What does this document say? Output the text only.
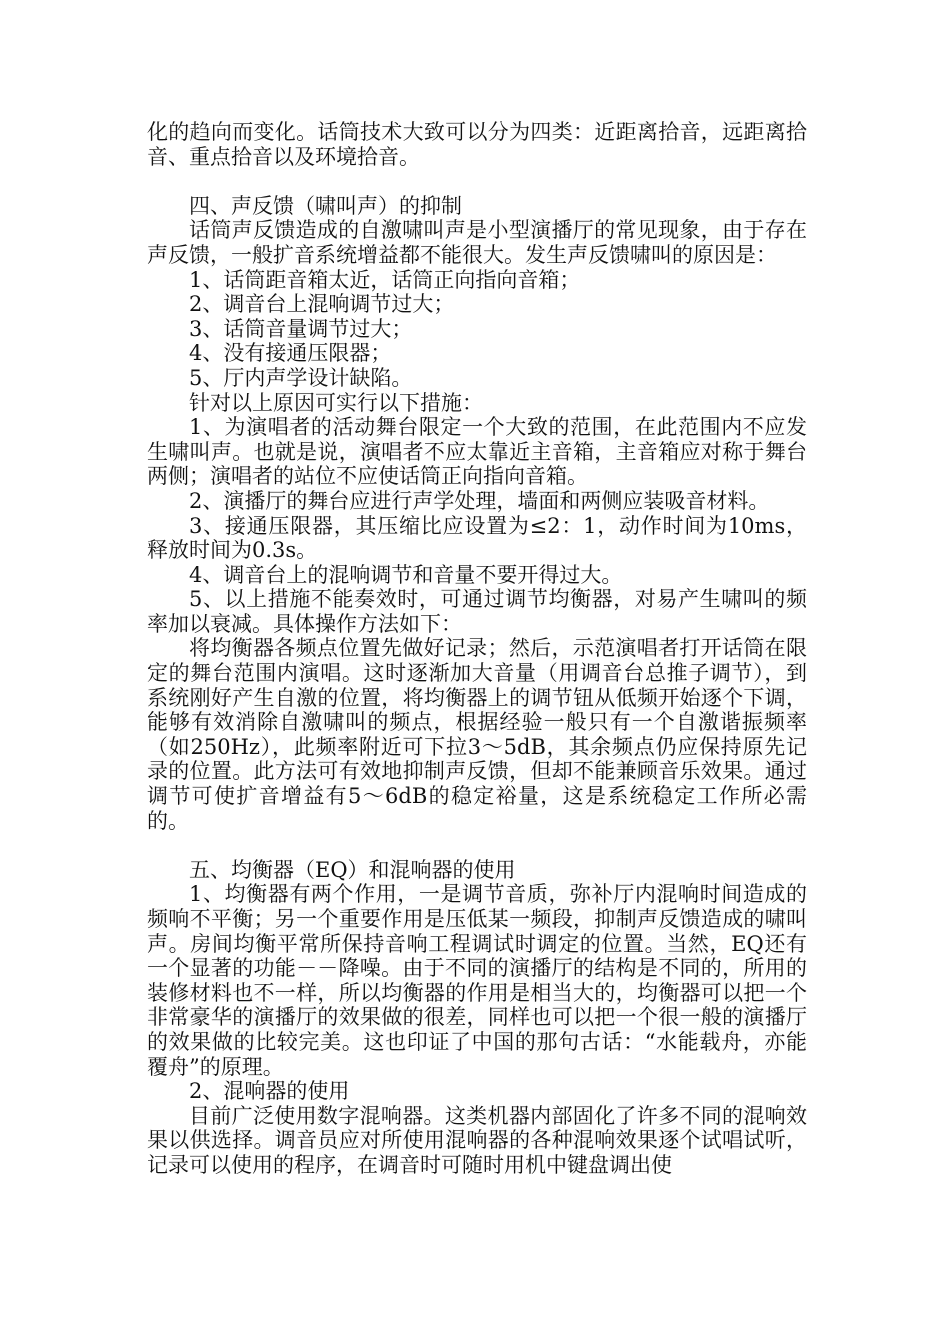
化的趋向而变化。话筒技术大致可以分为四类：近距离拾音，远距离拾音、重点拾音以及环境拾音。

四、声反馈（啸叫声）的抑制

话筒声反馈造成的自激啸叫声是小型演播厅的常见现象，由于存在声反馈，一般扩音系统增益都不能很大。发生声反馈啸叫的原因是：

1、话筒距音箱太近，话筒正向指向音箱；

2、调音台上混响调节过大；

3、话筒音量调节过大；

4、没有接通压限器；

5、厅内声学设计缺陷。

针对以上原因可实行以下措施：

1、为演唱者的活动舞台限定一个大致的范围，在此范围内不应发生啸叫声。也就是说，演唱者不应太靠近主音箱，主音箱应对称于舞台两侧；演唱者的站位不应使话筒正向指向音箱。

2、演播厅的舞台应进行声学处理，墙面和两侧应装吸音材料。

3、接通压限器，其压缩比应设置为≤2：1，动作时间为10ms，释放时间为0.3s。

4、调音台上的混响调节和音量不要开得过大。

5、以上措施不能奏效时，可通过调节均衡器，对易产生啸叫的频率加以衰减。具体操作方法如下：

将均衡器各频点位置先做好记录；然后，示范演唱者打开话筒在限定的舞台范围内演唱。这时逐渐加大音量（用调音台总推子调节），到系统刚好产生自激的位置，将均衡器上的调节钮从低频开始逐个下调，能够有效消除自激啸叫的频点，根据经验一般只有一个自激谐振频率（如250Hz），此频率附近可下拉3～5dB，其余频点仍应保持原先记录的位置。此方法可有效地抑制声反馈，但却不能兼顾音乐效果。通过调节可使扩音增益有5～6dB的稳定裕量，这是系统稳定工作所必需的。

五、均衡器（EQ）和混响器的使用

1、均衡器有两个作用，一是调节音质，弥补厅内混响时间造成的频响不平衡；另一个重要作用是压低某一频段，抑制声反馈造成的啸叫声。房间均衡平常所保持音响工程调试时调定的位置。当然，EQ还有一个显著的功能－－降噪。由于不同的演播厅的结构是不同的，所用的装修材料也不一样，所以均衡器的作用是相当大的，均衡器可以把一个非常豪华的演播厅的效果做的很差，同样也可以把一个很一般的演播厅的效果做的比较完美。这也印证了中国的那句古话：“水能载舟，亦能覆舟”的原理。

2、混响器的使用

目前广泛使用数字混响器。这类机器内部固化了许多不同的混响效果以供选择。调音员应对所使用混响器的各种混响效果逐个试唱试听，记录可以使用的程序，在调音时可随时用机中键盘调出使
